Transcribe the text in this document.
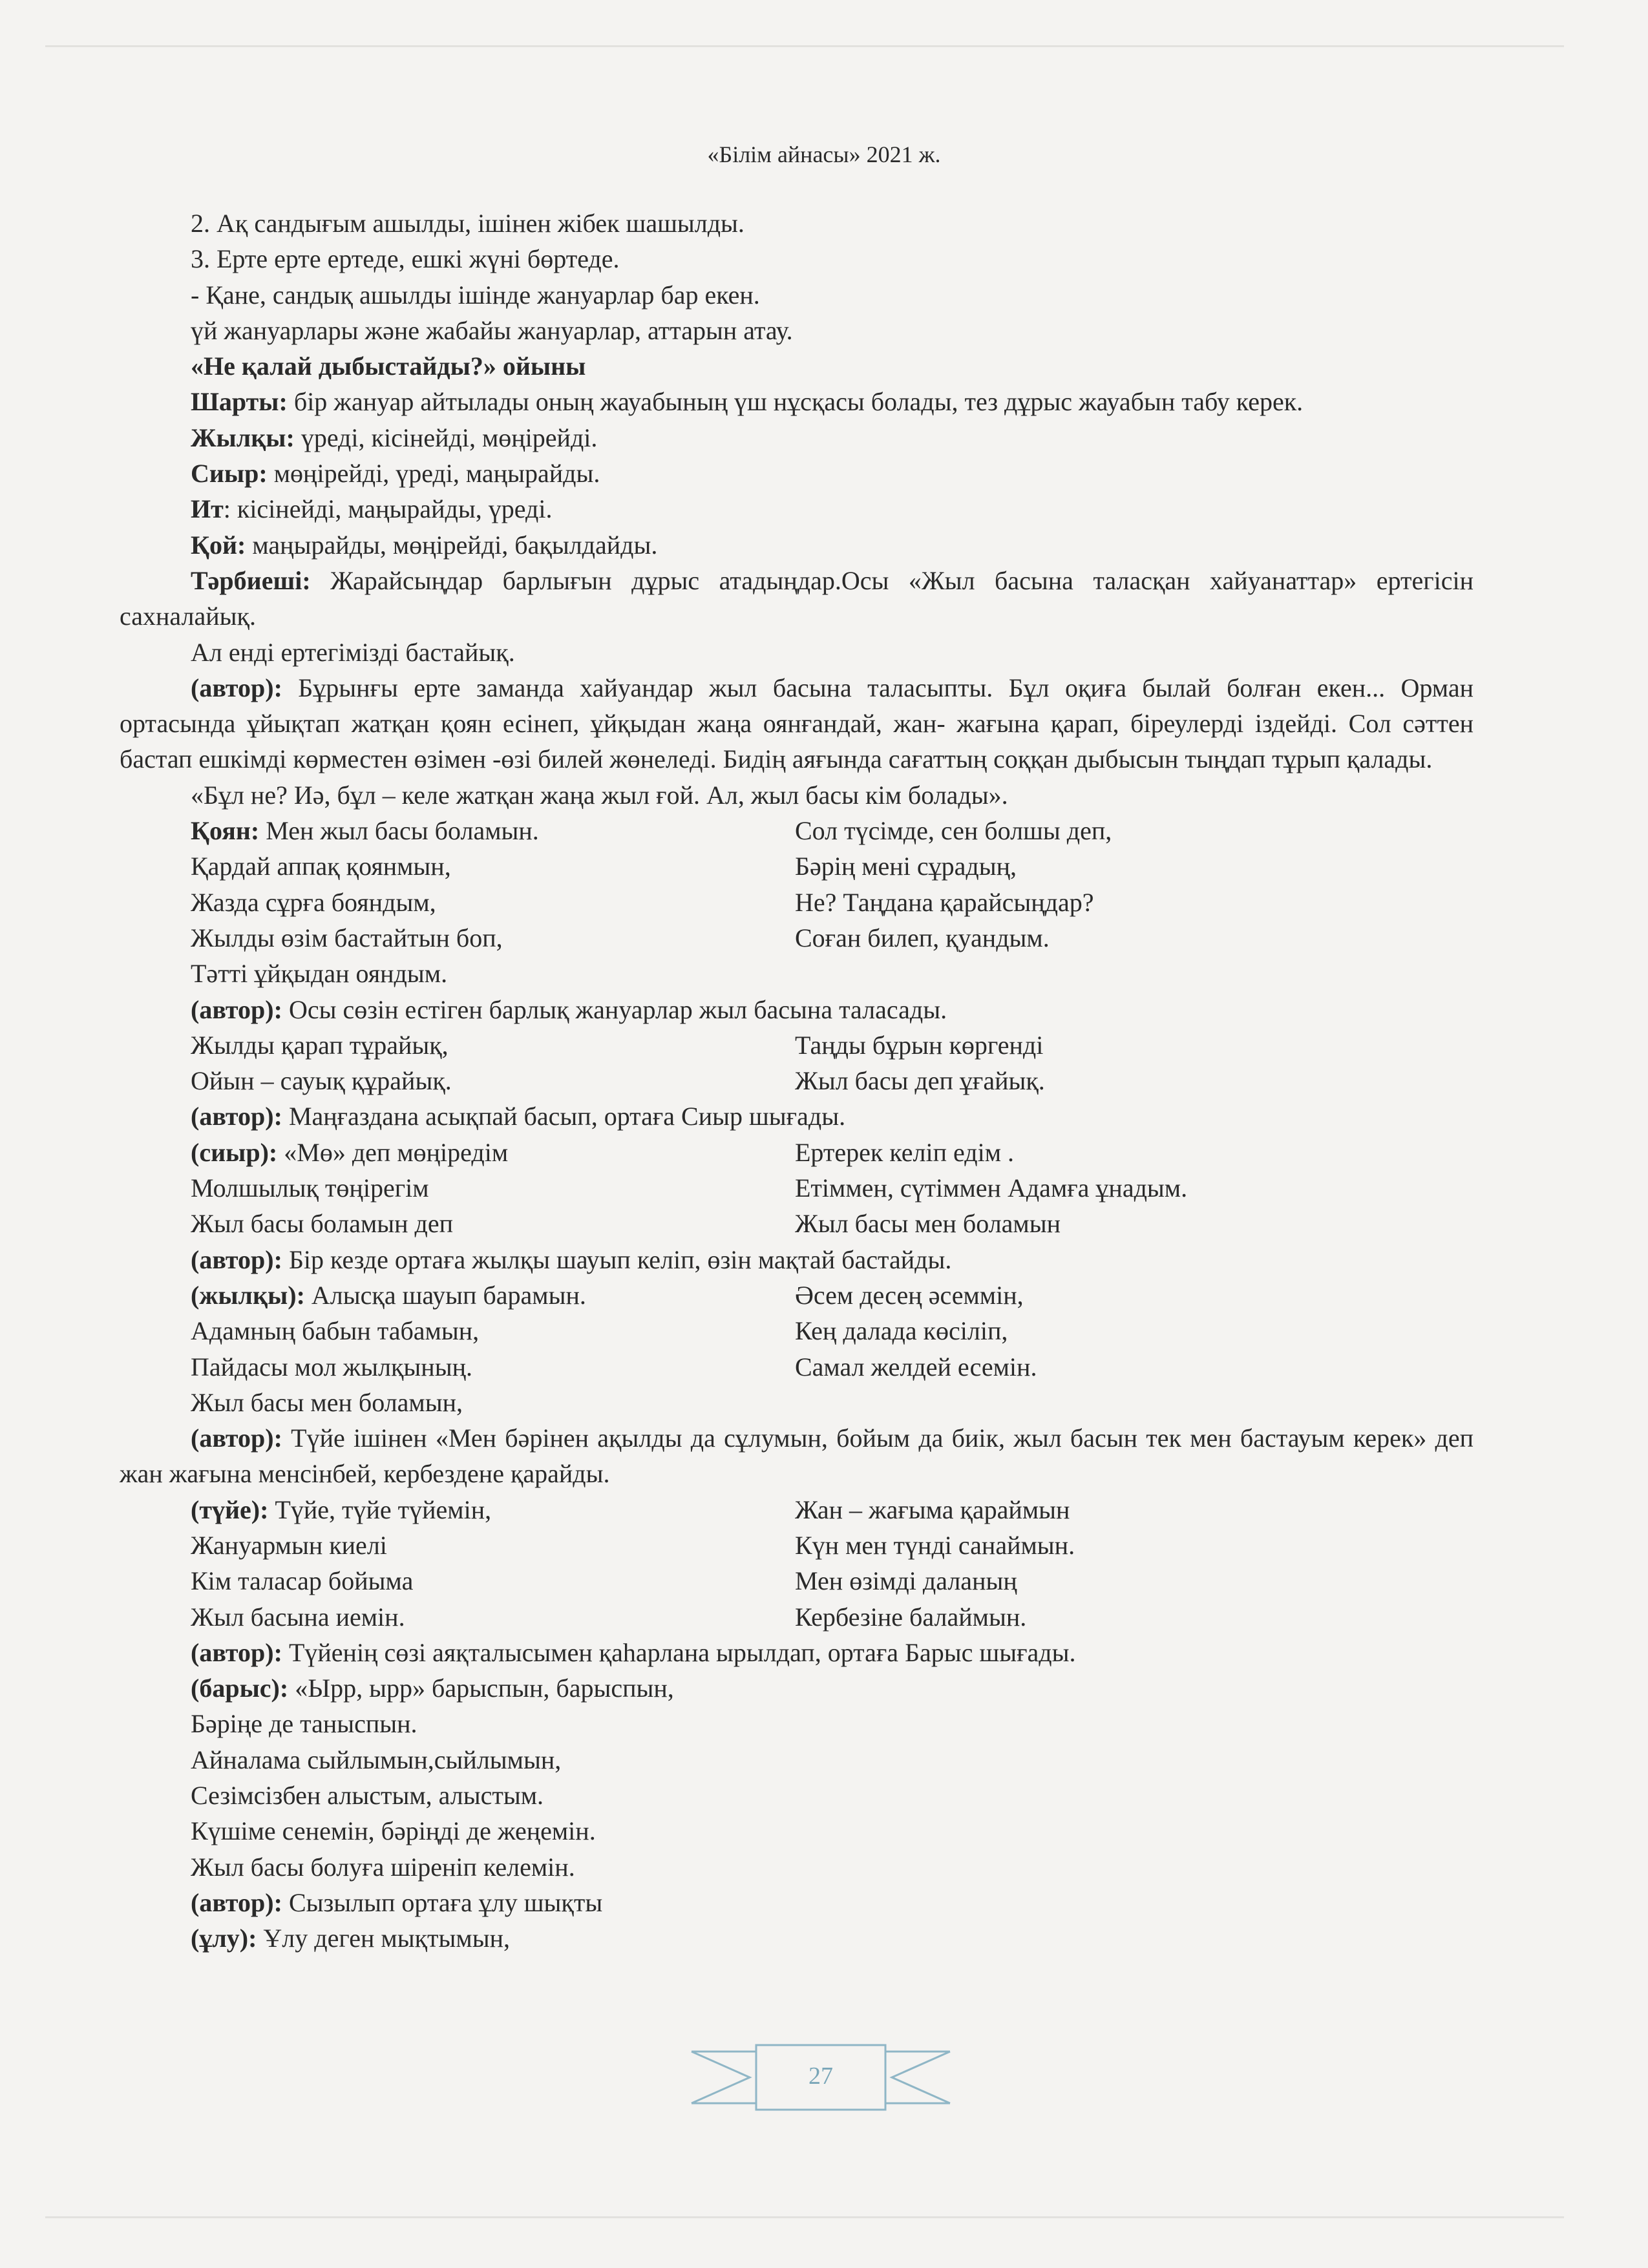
«Білім айнасы» 2021 ж.

2. Ақ сандығым ашылды, ішінен жібек шашылды.

3. Ерте ерте ертеде, ешкі жүні бөртеде.

- Қане, сандық ашылды ішінде жануарлар бар екен.

үй жануарлары және жабайы жануарлар, аттарын атау.

«Не қалай дыбыстайды?» ойыны

Шарты: бір жануар айтылады оның жауабының үш нұсқасы болады, тез дұрыс жауабын табу керек.

Жылқы: үреді, кісінейді, мөңірейді.

Сиыр: мөңірейді, үреді, маңырайды.

Ит: кісінейді, маңырайды, үреді.

Қой: маңырайды, мөңірейді, бақылдайды.

Тәрбиеші: Жарайсыңдар барлығын дұрыс атадыңдар.Осы «Жыл басына таласқан хайуанаттар» ертегісін сахналайық.

Ал енді ертегімізді бастайық.

(автор): Бұрынғы ерте заманда хайуандар жыл басына таласыпты. Бұл оқиға былай болған екен... Орман ортасында ұйықтап жатқан қоян есінеп, ұйқыдан жаңа оянғандай, жан- жағына қарап, біреулерді іздейді. Сол сәттен бастап ешкімді көрместен өзімен -өзі билей жөнеледі. Бидің аяғында сағаттың соққан дыбысын тыңдап тұрып қалады.

«Бұл не? Иә, бұл – келе жатқан жаңа жыл ғой. Ал, жыл басы кім болады».

Қоян: Мен жыл басы боламын.	Сол түсімде, сен болшы деп,
Қардай аппақ қоянмын,	Бәрің мені сұрадың,
Жазда сұрға бояндым,	Не? Таңдана қарайсыңдар?
Жылды өзім бастайтын боп,	Соған билеп, қуандым.

Тәтті ұйқыдан ояндым.

(автор): Осы сөзін естіген барлық жануарлар жыл басына таласады.

Жылды қарап тұрайық,	Таңды бұрын көргенді
Ойын – сауық құрайық.	Жыл басы деп ұғайық.

(автор): Маңғаздана асықпай басып, ортаға Сиыр шығады.

(сиыр): «Мө» деп мөңіредім	Ертерек келіп едім .
Молшылық төңірегім	Етіммен, сүтіммен Адамға ұнадым.
Жыл басы боламын деп	Жыл басы мен боламын

(автор): Бір кезде ортаға жылқы шауып келіп, өзін мақтай бастайды.

(жылқы): Алысқа шауып барамын.	Әсем десең әсеммін,
Адамның бабын табамын,	Кең далада көсіліп,
Пайдасы мол жылқының.	Самал желдей есемін.

Жыл басы мен боламын,

(автор): Түйе ішінен «Мен бәрінен ақылды да сұлумын, бойым да биік, жыл басын тек мен бастауым керек» деп жан жағына менсінбей, кербездене қарайды.

(түйе): Түйе, түйе түйемін,	Жан – жағыма қараймын
Жануармын киелі	Күн мен түнді санаймын.
Кім таласар бойыма	Мен өзімді даланың
Жыл басына иемін.	Кербезіне балаймын.

(автор): Түйенің сөзі аяқталысымен қаһарлана ырылдап, ортаға Барыс шығады.

(барыс): «Ырр, ырр» барыспын, барыспын,

Бәріңе де таныспын.

Айналама сыйлымын,сыйлымын,

Сезімсізбен алыстым, алыстым.

Күшіме сенемін, бәріңді де жеңемін.

Жыл басы болуға шіреніп келемін.

(автор): Сызылып ортаға ұлу шықты

(ұлу): Ұлу деген мықтымын,

27
